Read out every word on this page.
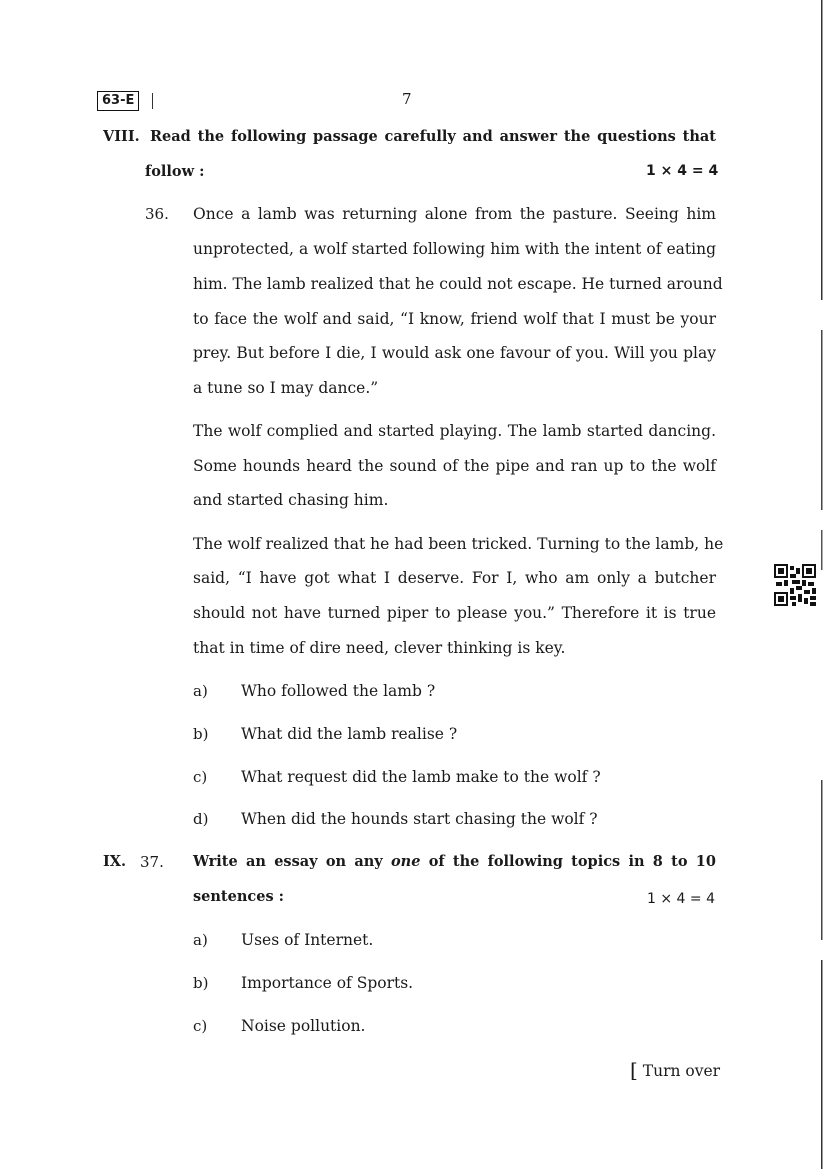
63-E	7
VIII. Read the following passage carefully and answer the questions that
follow :	1 × 4 = 4
36. Once a lamb was returning alone from the pasture. Seeing him
unprotected, a wolf started following him with the intent of eating
him. The lamb realized that he could not escape. He turned around
to face the wolf and said, “I know, friend wolf that I must be your
prey. But before I die, I would ask one favour of you. Will you play
a tune so I may dance.”
The wolf complied and started playing. The lamb started dancing.
Some hounds heard the sound of the pipe and ran up to the wolf
and started chasing him.
The wolf realized that he had been tricked. Turning to the lamb, he
said, “I have got what I deserve. For I, who am only a butcher
should not have turned piper to please you.” Therefore it is true
that in time of dire need, clever thinking is key.
a) Who followed the lamb ?
b) What did the lamb realise ?
c) What request did the lamb make to the wolf ?
d) When did the hounds start chasing the wolf ?
IX. 37. Write an essay on any one of the following topics in 8 to 10
sentences :	1 × 4 = 4
a) Uses of Internet.
b) Importance of Sports.
c) Noise pollution.
[ Turn over
